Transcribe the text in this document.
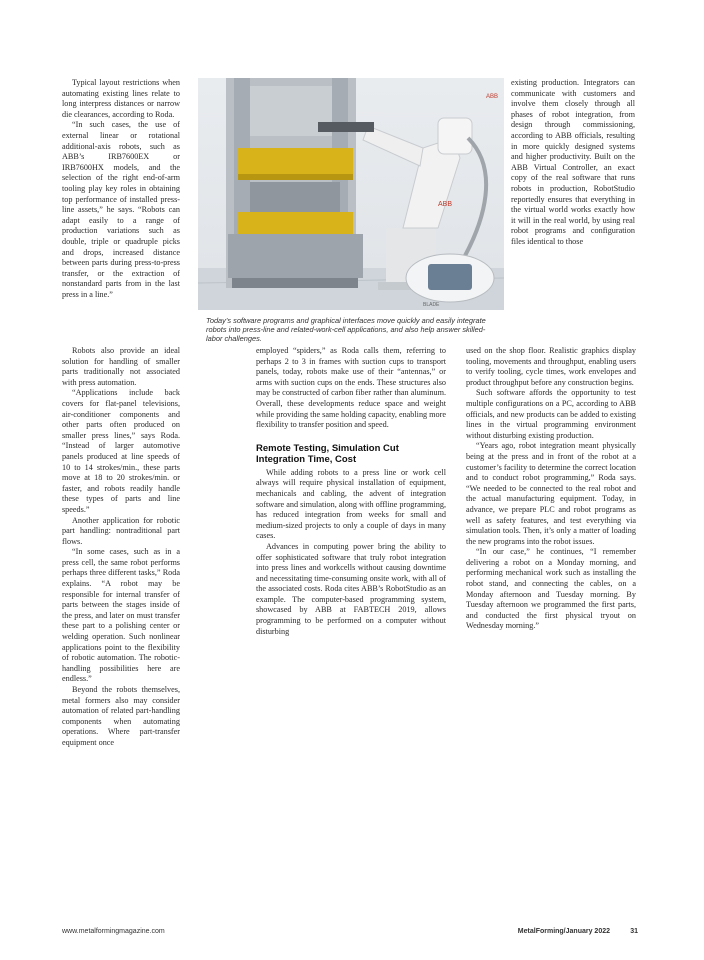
Typical layout restrictions when automating existing lines relate to long interpress distances or narrow die clearances, according to Roda.

“In such cases, the use of external linear or rotational additional-axis robots, such as ABB’s IRB7600EX or IRB7600HX models, and the selection of the right end-of-arm tooling play key roles in obtaining top performance of installed press-line assets,” he says. “Robots can adapt easily to a range of production variations such as double, triple or quadruple picks and drops, increased distance between parts during press-to-press transfer, or the extraction of nonstandard parts from in the last press in a line.”

ABB
BLADE
ABB
Today’s software programs and graphical interfaces move quickly and easily integrate robots into press-line and related-work-cell applications, and also help answer skilled-labor challenges.

Robots also provide an ideal solution for handling of smaller parts traditionally not associated with press automation.

“Applications include back covers for flat-panel televisions, air-conditioner components and other parts often produced on smaller press lines,” says Roda. “Instead of larger automotive panels produced at line speeds of 10 to 14 strokes/min., these parts move at 18 to 20 strokes/min. or faster, and robots readily handle these types of parts and line speeds.”

Another application for robotic part handling: nontraditional part flows.

“In some cases, such as in a press cell, the same robot performs perhaps three different tasks,” Roda explains. “A robot may be responsible for internal transfer of parts between the stages inside of the press, and later on must transfer these part to a polishing center or welding operation. Such nonlinear applications point to the flexibility of robotic automation. The robotic-handling possibilities here are endless.”

Beyond the robots themselves, metal formers also may consider automation of related part-handling components when automating operations. Where part-transfer equipment once

employed “spiders,” as Roda calls them, referring to perhaps 2 to 3 in frames with suction cups to transport panels, today, robots make use of their “antennas,” or arms with suction cups on the ends. These structures also may be constructed of carbon fiber rather than aluminum. Overall, these developments reduce space and weight while providing the same holding capacity, enabling more flexibility to transfer position and speed.

Remote Testing, Simulation Cut Integration Time, Cost

While adding robots to a press line or work cell always will require physical installation of equipment, mechanicals and cabling, the advent of integration software and simulation, along with offline programming, has reduced integration from weeks for small and medium-sized projects to only a couple of days in many cases.

Advances in computing power bring the ability to offer sophisticated software that truly robot integration into press lines and workcells without causing downtime and necessitating time-consuming onsite work, with all of the associated costs. Roda cites ABB’s RobotStudio as an example. The computer-based programming system, showcased by ABB at FABTECH 2019, allows programming to be performed on a computer without disturbing

existing production. Integrators can communicate with customers and involve them closely through all phases of robot integration, from design through commissioning, according to ABB officials, resulting in more quickly designed systems and higher productivity. Built on the ABB Virtual Controller, an exact copy of the real software that runs robots in production, RobotStudio reportedly ensures that everything in the virtual world works exactly how it will in the real world, by using real robot programs and configuration files identical to those

used on the shop floor. Realistic graphics display tooling, movements and throughput, enabling users to verify tooling, cycle times, work envelopes and product throughput before any construction begins.

Such software affords the opportunity to test multiple configurations on a PC, according to ABB officials, and new products can be added to existing lines in the virtual programming environment without disturbing existing production.

“Years ago, robot integration meant physically being at the press and in front of the robot at a customer’s facility to determine the correct location and to conduct robot programming,” Roda says. “We needed to be connected to the real robot and the actual manufacturing equipment. Today, in advance, we prepare PLC and robot programs as well as safety features, and test everything via simulation tools. Then, it’s only a matter of loading the new programs into the robot issues.

“In our case,” he continues, “I remember delivering a robot on a Monday morning, and performing mechanical work such as installing the robot stand, and connecting the cables, on a Monday afternoon and Tuesday morning. By Tuesday afternoon we programmed the first parts, and conducted the first physical tryout on Wednesday morning.”

www.metalformingmagazine.com	MetalForming/January 2022	31
